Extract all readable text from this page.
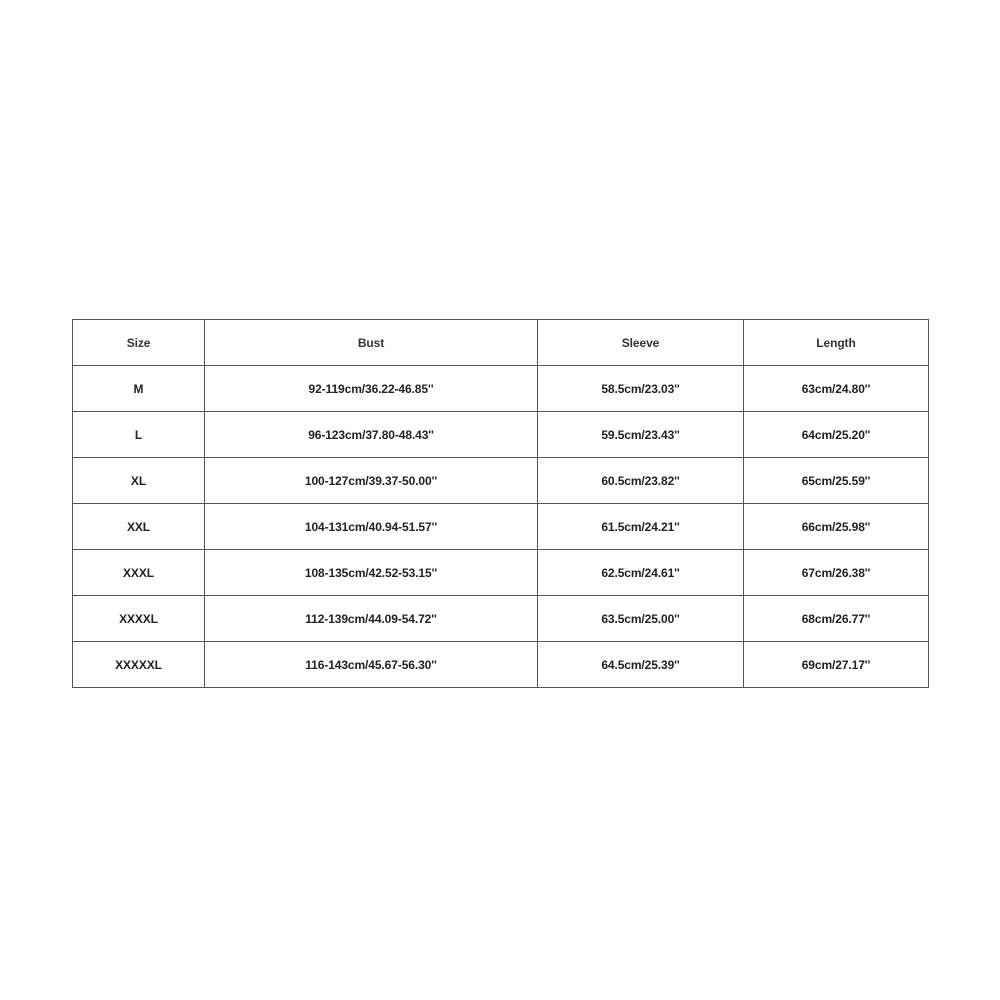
Size	Bust	Sleeve	Length
M	92-119cm/36.22-46.85''	58.5cm/23.03''	63cm/24.80''
L	96-123cm/37.80-48.43''	59.5cm/23.43''	64cm/25.20''
XL	100-127cm/39.37-50.00''	60.5cm/23.82''	65cm/25.59''
XXL	104-131cm/40.94-51.57''	61.5cm/24.21''	66cm/25.98''
XXXL	108-135cm/42.52-53.15''	62.5cm/24.61''	67cm/26.38''
XXXXL	112-139cm/44.09-54.72''	63.5cm/25.00''	68cm/26.77''
XXXXXL	116-143cm/45.67-56.30''	64.5cm/25.39''	69cm/27.17''
